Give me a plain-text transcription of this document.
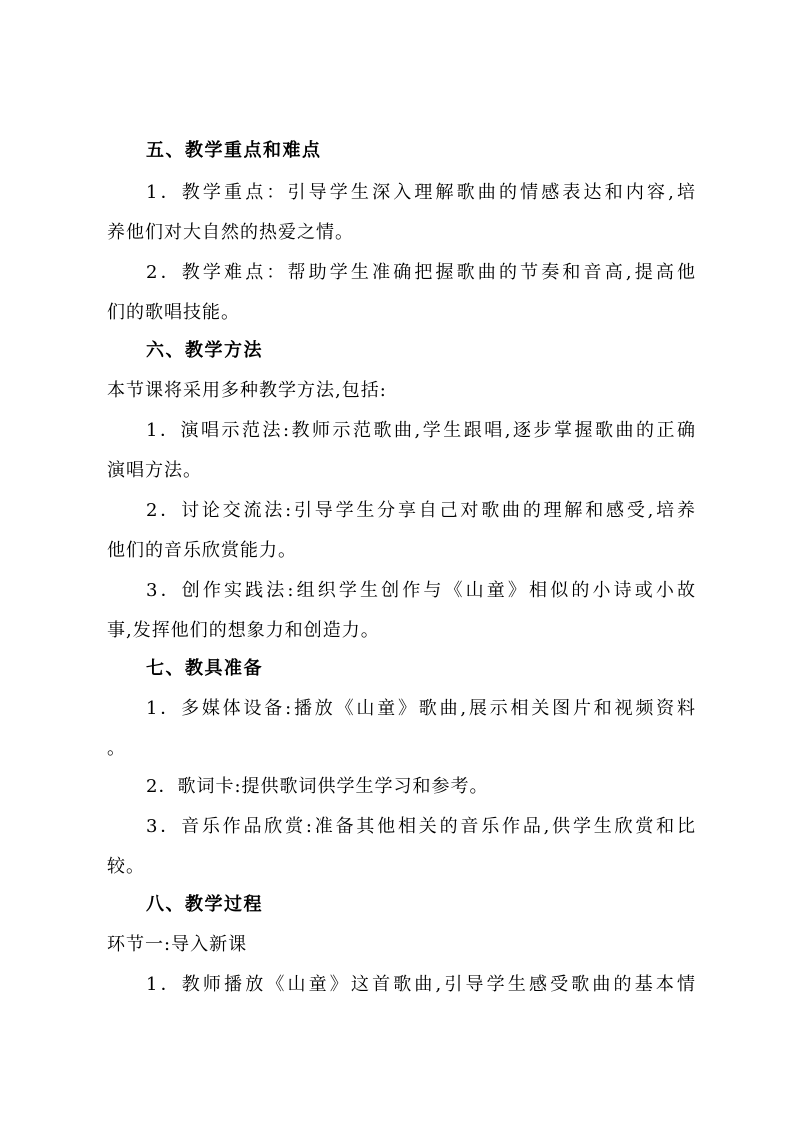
五、教学重点和难点
1．教学重点：引导学生深入理解歌曲的情感表达和内容,培
养他们对大自然的热爱之情。
2．教学难点：帮助学生准确把握歌曲的节奏和音高,提高他
们的歌唱技能。
六、教学方法
本节课将采用多种教学方法,包括:
1．演唱示范法:教师示范歌曲,学生跟唱,逐步掌握歌曲的正确
演唱方法。
2．讨论交流法:引导学生分享自己对歌曲的理解和感受,培养
他们的音乐欣赏能力。
3．创作实践法:组织学生创作与《山童》相似的小诗或小故
事,发挥他们的想象力和创造力。
七、教具准备
1．多媒体设备:播放《山童》歌曲,展示相关图片和视频资料
。
2．歌词卡:提供歌词供学生学习和参考。
3．音乐作品欣赏:准备其他相关的音乐作品,供学生欣赏和比
较。
八、教学过程
环节一:导入新课
1．教师播放《山童》这首歌曲,引导学生感受歌曲的基本情
